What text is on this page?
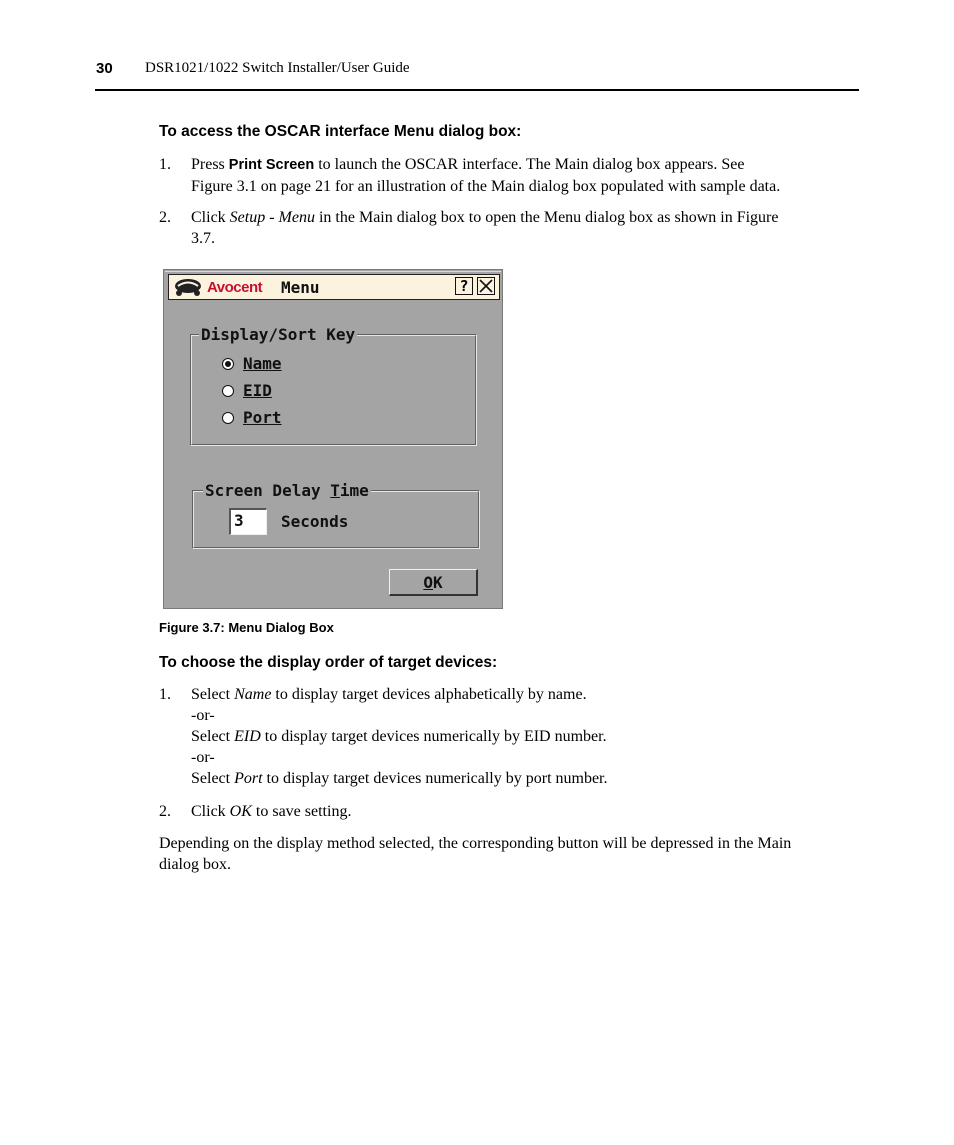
30 DSR1021/1022 Switch Installer/User Guide
To access the OSCAR interface Menu dialog box:
1. Press Print Screen to launch the OSCAR interface. The Main dialog box appears. See
Figure 3.1 on page 21 for an illustration of the Main dialog box populated with sample data.
2. Click Setup - Menu in the Main dialog box to open the Menu dialog box as shown in Figure
3.7.
Avocent Menu	?
Display/Sort Key
Name
EID
Port
Screen Delay Time
3	Seconds
O K
Figure 3.7: Menu Dialog Box
To choose the display order of target devices:
1. Select Name to display target devices alphabetically by name.
-or-
Select EID to display target devices numerically by EID number.
-or-
Select Port to display target devices numerically by port number.
2. Click OK to save setting.
Depending on the display method selected, the corresponding button will be depressed in the Main
dialog box.
